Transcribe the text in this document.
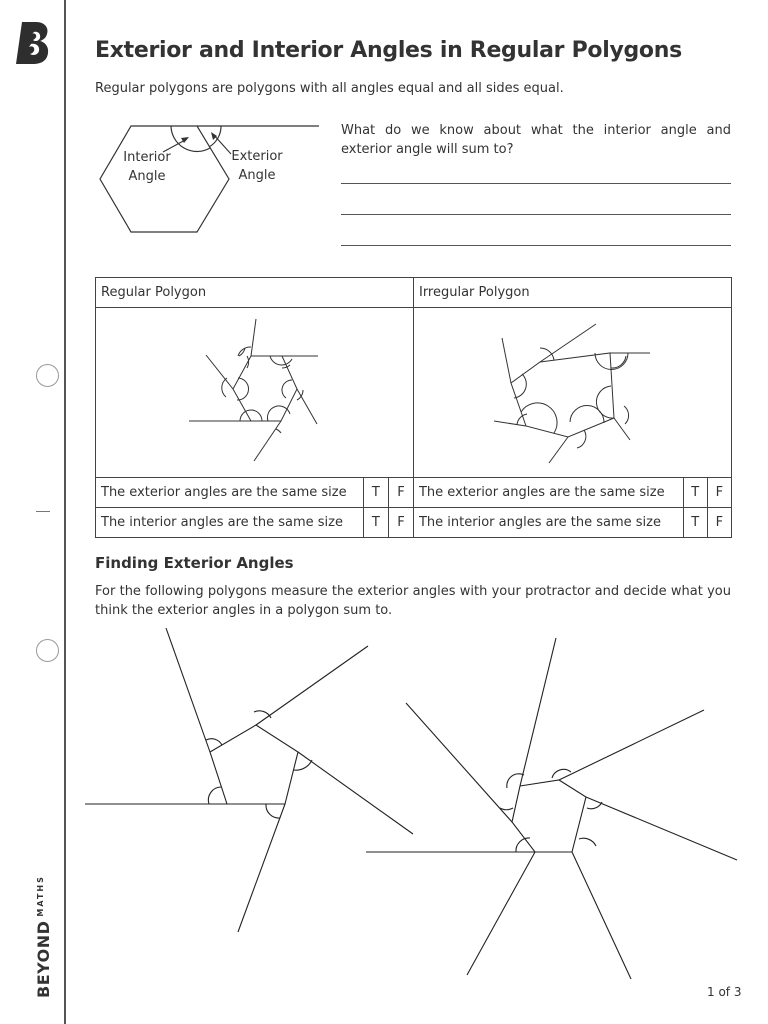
$BEYOND^{MATHS}$
Exterior and Interior Angles in Regular Polygons
Regular polygons are polygons with all angles equal and all sides equal.
Interior Angle
Exterior Angle
What do we know about what the interior angle and exterior angle will sum to?
Regular Polygon			Irregular Polygon		

The exterior angles are the same size	T	F	The exterior angles are the same size	T	F
The interior angles are the same size	T	F	The interior angles are the same size	T	F
Finding Exterior Angles
For the following polygons measure the exterior angles with your protractor and decide what you think the exterior angles in a polygon sum to.
1 of 3
